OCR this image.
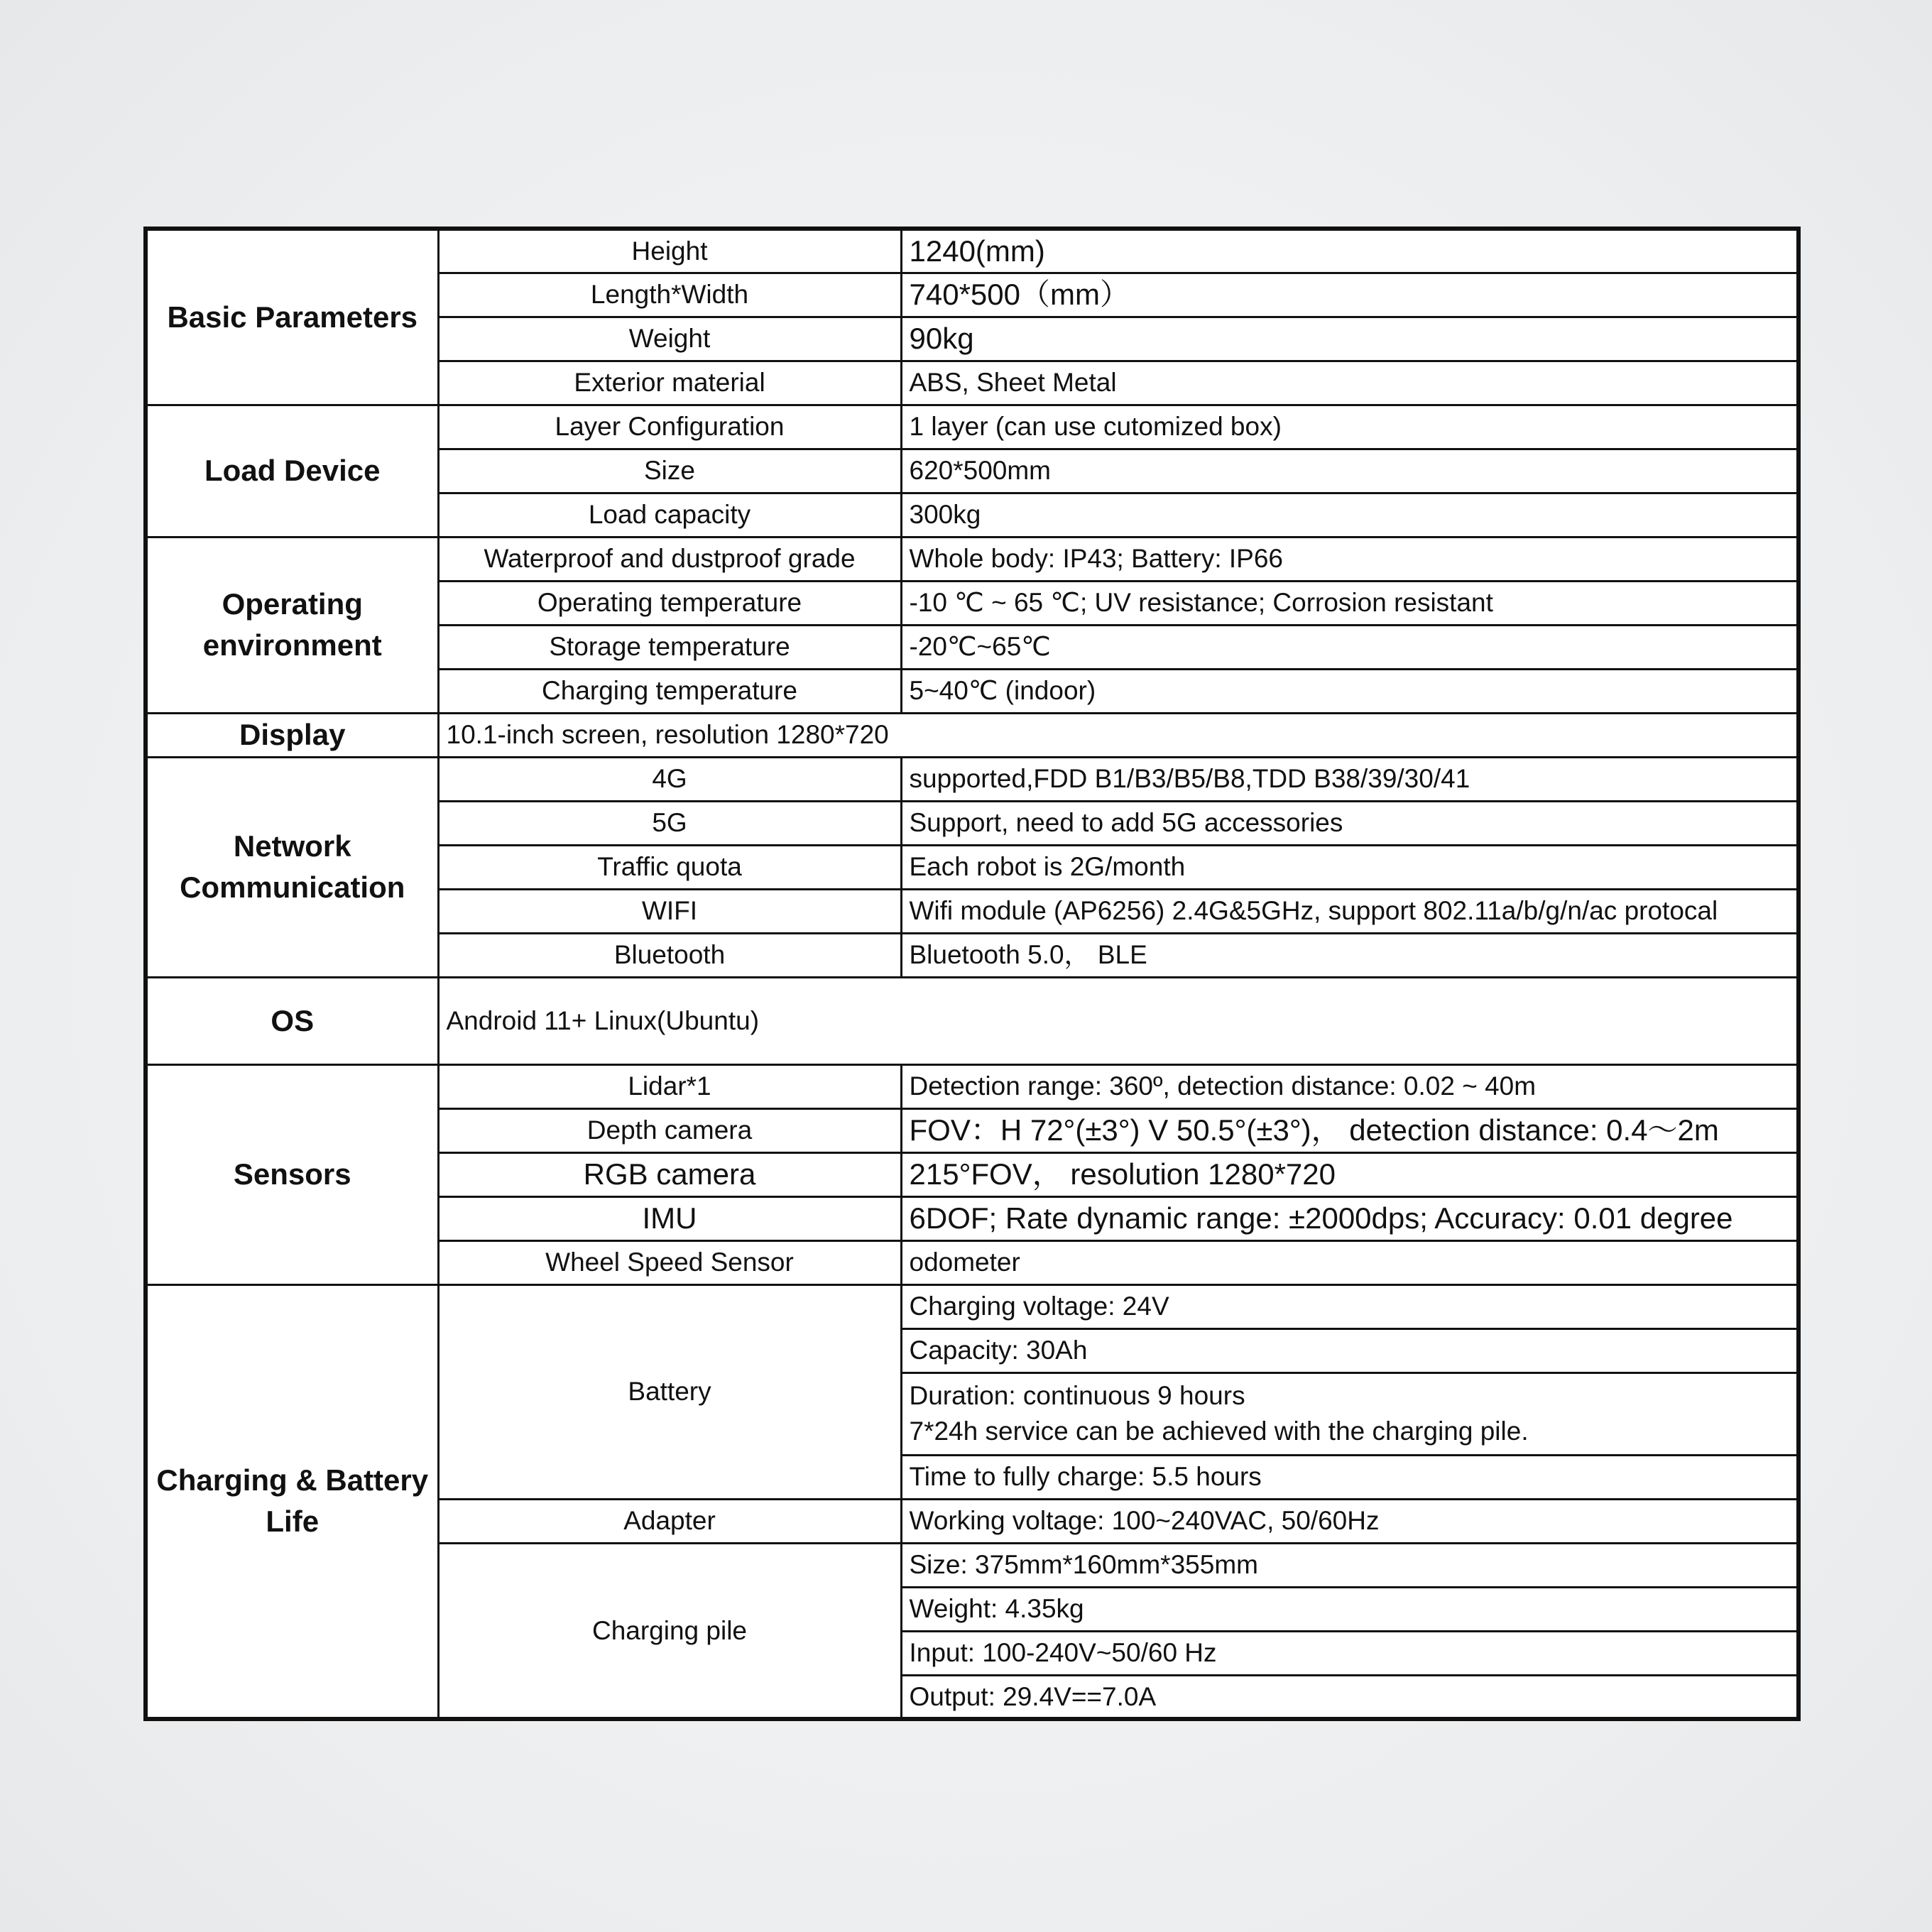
Basic Parameters	Height	1240(mm)
	Length*Width	740*500（mm）
	Weight	90kg
	Exterior material	ABS, Sheet Metal
Load Device	Layer Configuration	1 layer (can use cutomized box)
	Size	620*500mm
	Load capacity	300kg
Operating environment	Waterproof and dustproof grade	Whole body: IP43; Battery: IP66
	Operating temperature	-10 ℃ ~ 65 ℃; UV resistance; Corrosion resistant
	Storage temperature	-20℃~65℃
	Charging temperature	5~40℃ (indoor)
Display	10.1-inch screen, resolution 1280*720	
Network Communication	4G	supported,FDD B1/B3/B5/B8,TDD B38/39/30/41
	5G	Support, need to add 5G accessories
	Traffic quota	Each robot is 2G/month
	WIFI	Wifi module (AP6256) 2.4G&5GHz, support 802.11a/b/g/n/ac protocal
	Bluetooth	Bluetooth 5.0， BLE
OS	Android 11+ Linux(Ubuntu)	
Sensors	Lidar*1	Detection range: 360º, detection distance: 0.02 ~ 40m
	Depth camera	FOV：H 72°(±3°) V 50.5°(±3°)， detection distance: 0.4～2m
	RGB camera	215°FOV， resolution 1280*720
	IMU	6DOF; Rate dynamic range: ±2000dps; Accuracy: 0.01 degree
	Wheel Speed Sensor	odometer
Charging & Battery Life	Battery	Charging voltage: 24V
		Capacity: 30Ah

		Duration: continuous 9 hours
7*24h service can be achieved with the charging pile.

		Time to fully charge: 5.5 hours
	Adapter	Working voltage: 100~240VAC, 50/60Hz
	Charging pile	Size: 375mm*160mm*355mm
		Weight: 4.35kg
		Input: 100-240V~50/60 Hz
		Output: 29.4V==7.0A
